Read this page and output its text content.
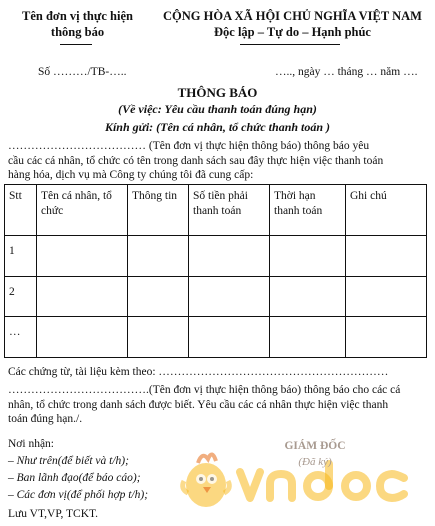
Tên đơn vị thực hiện
thông báo
CỘNG HÒA XÃ HỘI CHỦ NGHĨA VIỆT NAM
Độc lập – Tự do – Hạnh phúc
Số ………/TB-…..	….., ngày … tháng … năm ….
THÔNG BÁO
(Về việc: Yêu cầu thanh toán đúng hạn)
Kính gửi: (Tên cá nhân, tổ chức thanh toán )
……………………………… (Tên đơn vị thực hiện thông báo) thông báo yêu
cầu các cá nhân, tổ chức có tên trong danh sách sau đây thực hiện việc thanh toán
hàng hóa, dịch vụ mà Công ty chúng tôi đã cung cấp:
Stt	Tên cá nhân, tổ chức	Thông tin	Số tiền phải thanh toán	Thời hạn thanh toán	Ghi chú
1					
2					
…					
Các chứng từ, tài liệu kèm theo: ……………………………………………………
……………………………….(Tên đơn vị thực hiện thông báo) thông báo cho các cá
nhân, tổ chức trong danh sách được biết. Yêu cầu các cá nhân thực hiện việc thanh
toán đúng hạn./.
Nơi nhận:
– Như trên(để biết và t/h);
– Ban lãnh đạo(để báo cáo);
– Các đơn vị(để phối hợp t/h);
Lưu VT,VP, TCKT.
GIÁM ĐỐC
(Đã ký)
